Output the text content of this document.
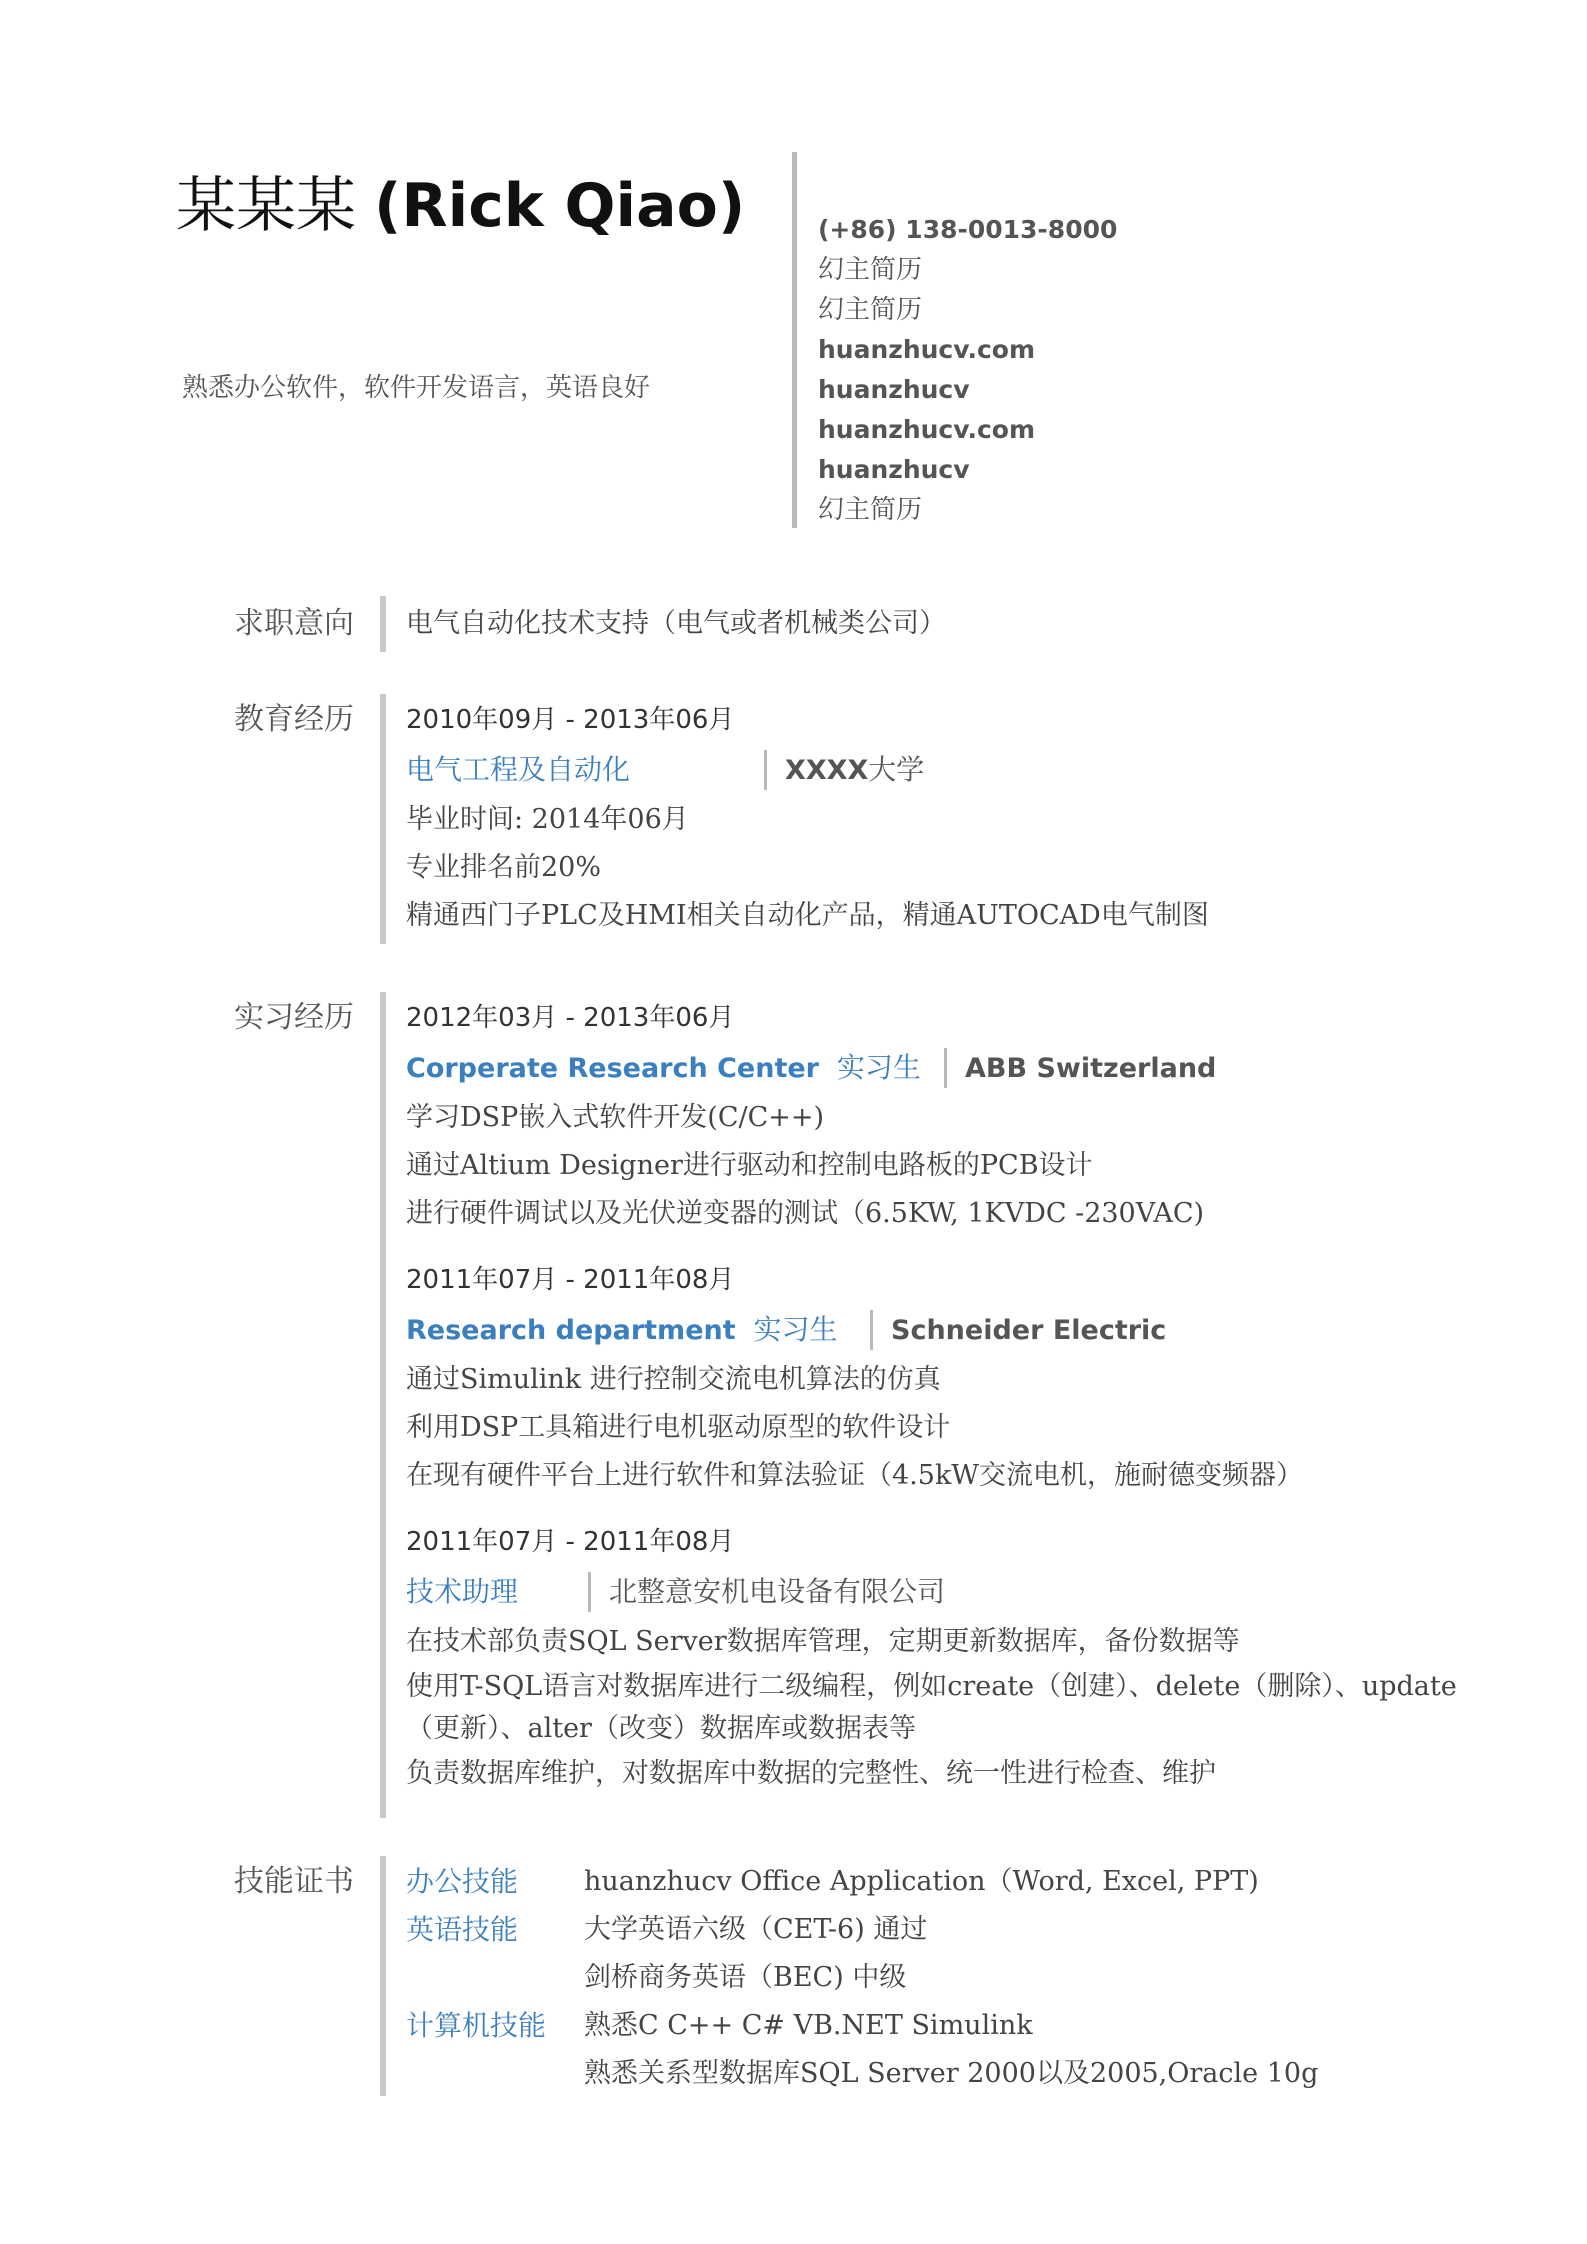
某某某 (Rick Qiao)
熟悉办公软件，软件开发语言，英语良好
(+86) 138-0013-8000
幻主简历
幻主简历
huanzhucv.com
huanzhucv
huanzhucv.com
huanzhucv
幻主简历
求职意向 电气自动化技术支持（电气或者机械类公司）
教育经历 2010年09月 - 2013年06月
电气工程及自动化	XXXX大学
毕业时间: 2014年06月
专业排名前20%
精通西门子PLC及HMI相关自动化产品，精通AUTOCAD电气制图
实习经历 2012年03月 - 2013年06月
Corperate Research Center 实习生 ABB Switzerland
学习DSP嵌入式软件开发(C/C++)
通过Altium Designer进行驱动和控制电路板的PCB设计
进行硬件调试以及光伏逆变器的测试（6.5KW, 1KVDC -230VAC)
2011年07月 - 2011年08月
Research department 实习生	Schneider Electric
通过Simulink 进行控制交流电机算法的仿真
利用DSP工具箱进行电机驱动原型的软件设计
在现有硬件平台上进行软件和算法验证（4.5kW交流电机，施耐德变频器）
2011年07月 - 2011年08月
技术助理	北整意安机电设备有限公司
在技术部负责SQL Server数据库管理，定期更新数据库，备份数据等
使用T-SQL语言对数据库进行二级编程，例如create（创建）、delete（删除）、update
（更新）、alter（改变）数据库或数据表等
负责数据库维护，对数据库中数据的完整性、统一性进行检查、维护
技能证书 办公技能	huanzhucv Office Application（Word, Excel, PPT)
英语技能	大学英语六级（CET-6) 通过
剑桥商务英语（BEC) 中级
计算机技能	熟悉C C++ C# VB.NET Simulink
熟悉关系型数据库SQL Server 2000以及2005,Oracle 10g
